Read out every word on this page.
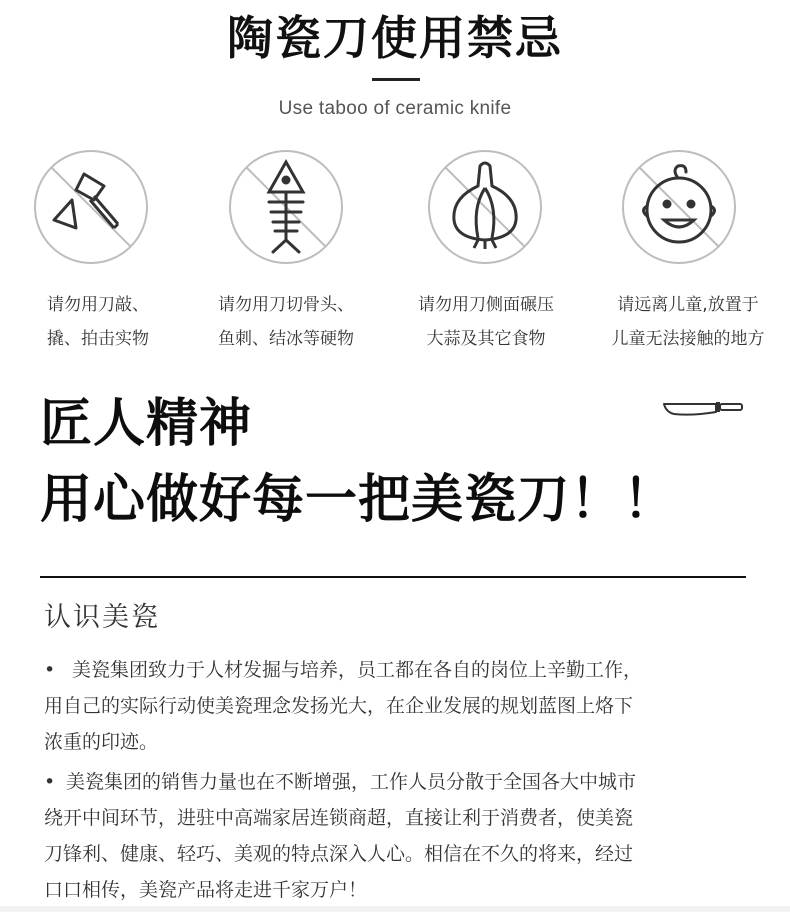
陶瓷刀使用禁忌
Use taboo of ceramic knife
请勿用刀敲、
撬、拍击实物
请勿用刀切骨头、
鱼刺、结冰等硬物
请勿用刀侧面碾压
大蒜及其它食物
请远离儿童,放置于
儿童无法接触的地方
匠人精神
用心做好每一把美瓷刀！！
认识美瓷
• 美瓷集团致力于人材发掘与培养，员工都在各自的岗位上辛勤工作，
用自己的实际行动使美瓷理念发扬光大，在企业发展的规划蓝图上烙下
浓重的印迹。
• 美瓷集团的销售力量也在不断增强，工作人员分散于全国各大中城市
绕开中间环节，进驻中高端家居连锁商超，直接让利于消费者，使美瓷
刀锋利、健康、轻巧、美观的特点深入人心。相信在不久的将来，经过
口口相传，美瓷产品将走进千家万户！
